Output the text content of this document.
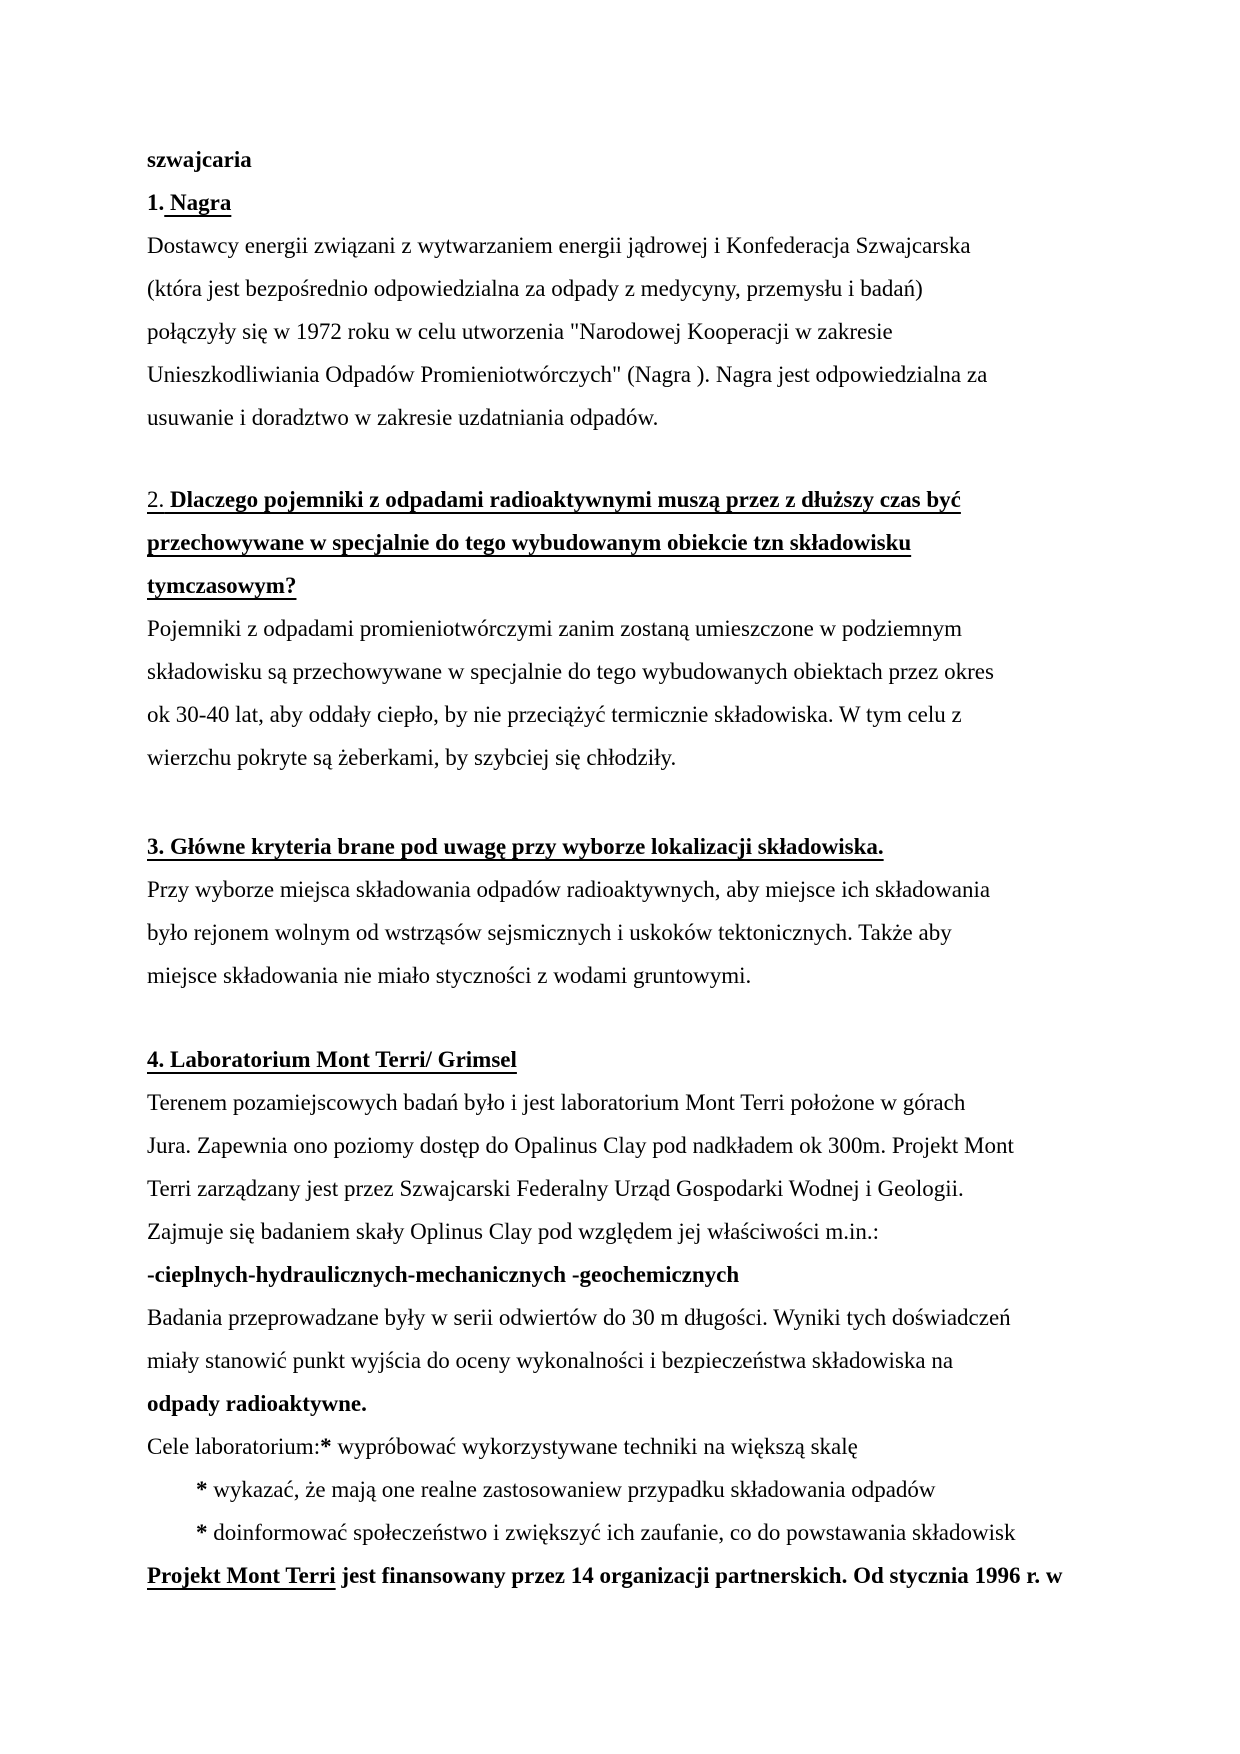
szwajcaria
1. Nagra
Dostawcy energii związani z wytwarzaniem energii jądrowej i Konfederacja Szwajcarska
(która jest bezpośrednio odpowiedzialna za odpady z medycyny, przemysłu i badań)
połączyły się w 1972 roku w celu utworzenia "Narodowej Kooperacji w zakresie
Unieszkodliwiania Odpadów Promieniotwórczych" (Nagra ). Nagra jest odpowiedzialna za
usuwanie i doradztwo w zakresie uzdatniania odpadów.
2. Dlaczego pojemniki z odpadami radioaktywnymi muszą przez z dłuższy czas być
przechowywane w specjalnie do tego wybudowanym obiekcie tzn składowisku
tymczasowym?
Pojemniki z odpadami promieniotwórczymi zanim zostaną umieszczone w podziemnym
składowisku są przechowywane w specjalnie do tego wybudowanych obiektach przez okres
ok 30-40 lat, aby oddały ciepło, by nie przeciążyć termicznie składowiska. W tym celu z
wierzchu pokryte są żeberkami, by szybciej się chłodziły.
3. Główne kryteria brane pod uwagę przy wyborze lokalizacji składowiska.
Przy wyborze miejsca składowania odpadów radioaktywnych, aby miejsce ich składowania
było rejonem wolnym od wstrząsów sejsmicznych i uskoków tektonicznych. Także aby
miejsce składowania nie miało styczności z wodami gruntowymi.
4. Laboratorium Mont Terri/ Grimsel
Terenem pozamiejscowych badań było i jest laboratorium Mont Terri położone w górach
Jura. Zapewnia ono poziomy dostęp do Opalinus Clay pod nadkładem ok 300m. Projekt Mont
Terri zarządzany jest przez Szwajcarski Federalny Urząd Gospodarki Wodnej i Geologii.
Zajmuje się badaniem skały Oplinus Clay pod względem jej właściwości m.in.:
-cieplnych-hydraulicznych-mechanicznych -geochemicznych
Badania przeprowadzane były w serii odwiertów do 30 m długości. Wyniki tych doświadczeń
miały stanowić punkt wyjścia do oceny wykonalności i bezpieczeństwa składowiska na
odpady radioaktywne.
Cele laboratorium:* wypróbować wykorzystywane techniki na większą skalę
* wykazać, że mają one realne zastosowaniew przypadku składowania odpadów
* doinformować społeczeństwo i zwiększyć ich zaufanie, co do powstawania składowisk
Projekt Mont Terri jest finansowany przez 14 organizacji partnerskich. Od stycznia 1996 r. w
